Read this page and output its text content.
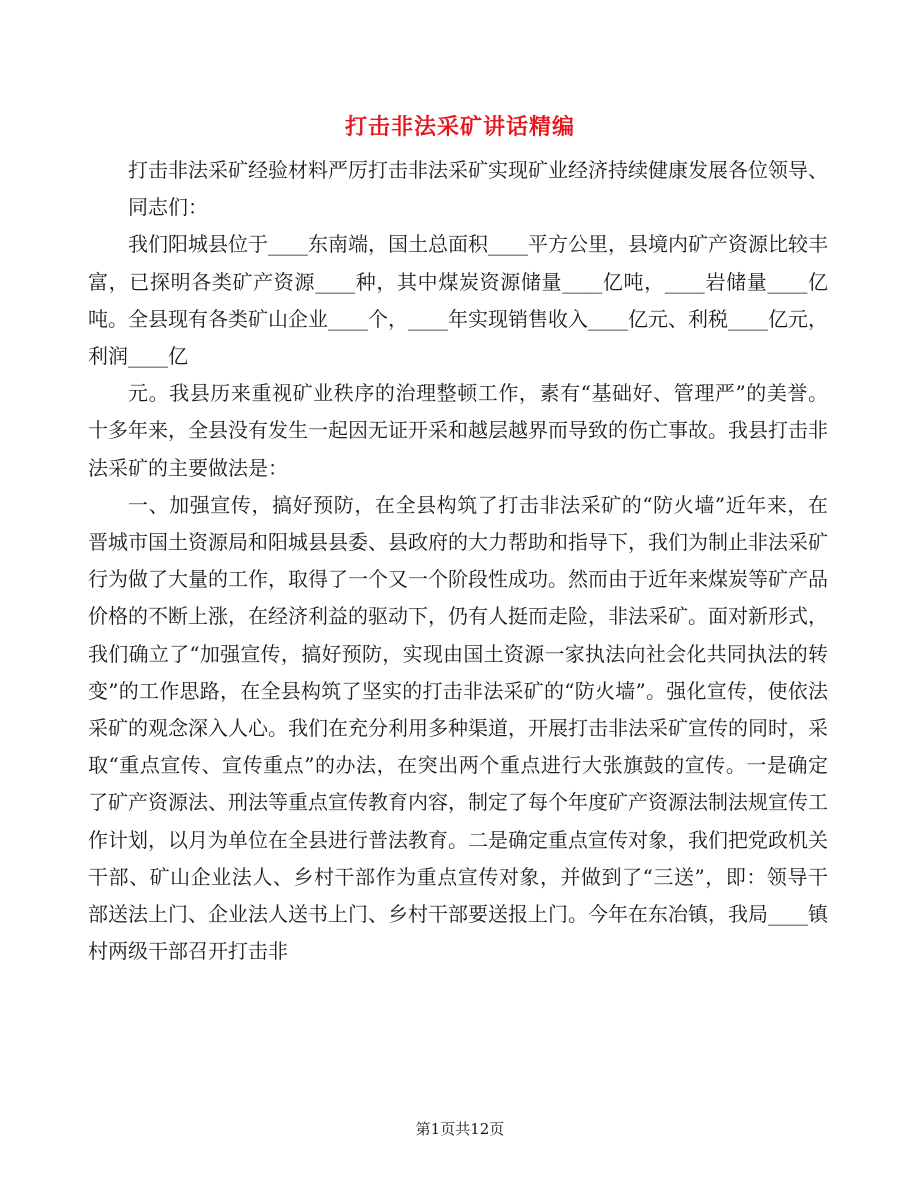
打击非法采矿讲话精编

打击非法采矿经验材料严厉打击非法采矿实现矿业经济持续健康发展各位领导、

同志们：

我们阳城县位于____东南端，国土总面积____平方公里，县境内矿产资源比较丰富，已探明各类矿产资源____种，其中煤炭资源储量____亿吨，____岩储量____亿吨。全县现有各类矿山企业____个，____年实现销售收入____亿元、利税____亿元，利润____亿

元。我县历来重视矿业秩序的治理整顿工作，素有“基础好、管理严”的美誉。十多年来，全县没有发生一起因无证开采和越层越界而导致的伤亡事故。我县打击非法采矿的主要做法是：

一、加强宣传，搞好预防，在全县构筑了打击非法采矿的“防火墙”近年来，在晋城市国土资源局和阳城县县委、县政府的大力帮助和指导下，我们为制止非法采矿行为做了大量的工作，取得了一个又一个阶段性成功。然而由于近年来煤炭等矿产品价格的不断上涨，在经济利益的驱动下，仍有人挺而走险，非法采矿。面对新形式，我们确立了“加强宣传，搞好预防，实现由国土资源一家执法向社会化共同执法的转变”的工作思路，在全县构筑了坚实的打击非法采矿的“防火墙”。强化宣传，使依法采矿的观念深入人心。我们在充分利用多种渠道，开展打击非法采矿宣传的同时，采取“重点宣传、宣传重点”的办法，在突出两个重点进行大张旗鼓的宣传。一是确定了矿产资源法、刑法等重点宣传教育内容，制定了每个年度矿产资源法制法规宣传工作计划，以月为单位在全县进行普法教育。二是确定重点宣传对象，我们把党政机关干部、矿山企业法人、乡村干部作为重点宣传对象，并做到了“三送”，即：领导干部送法上门、企业法人送书上门、乡村干部要送报上门。今年在东冶镇，我局____镇村两级干部召开打击非

第1页共12页
